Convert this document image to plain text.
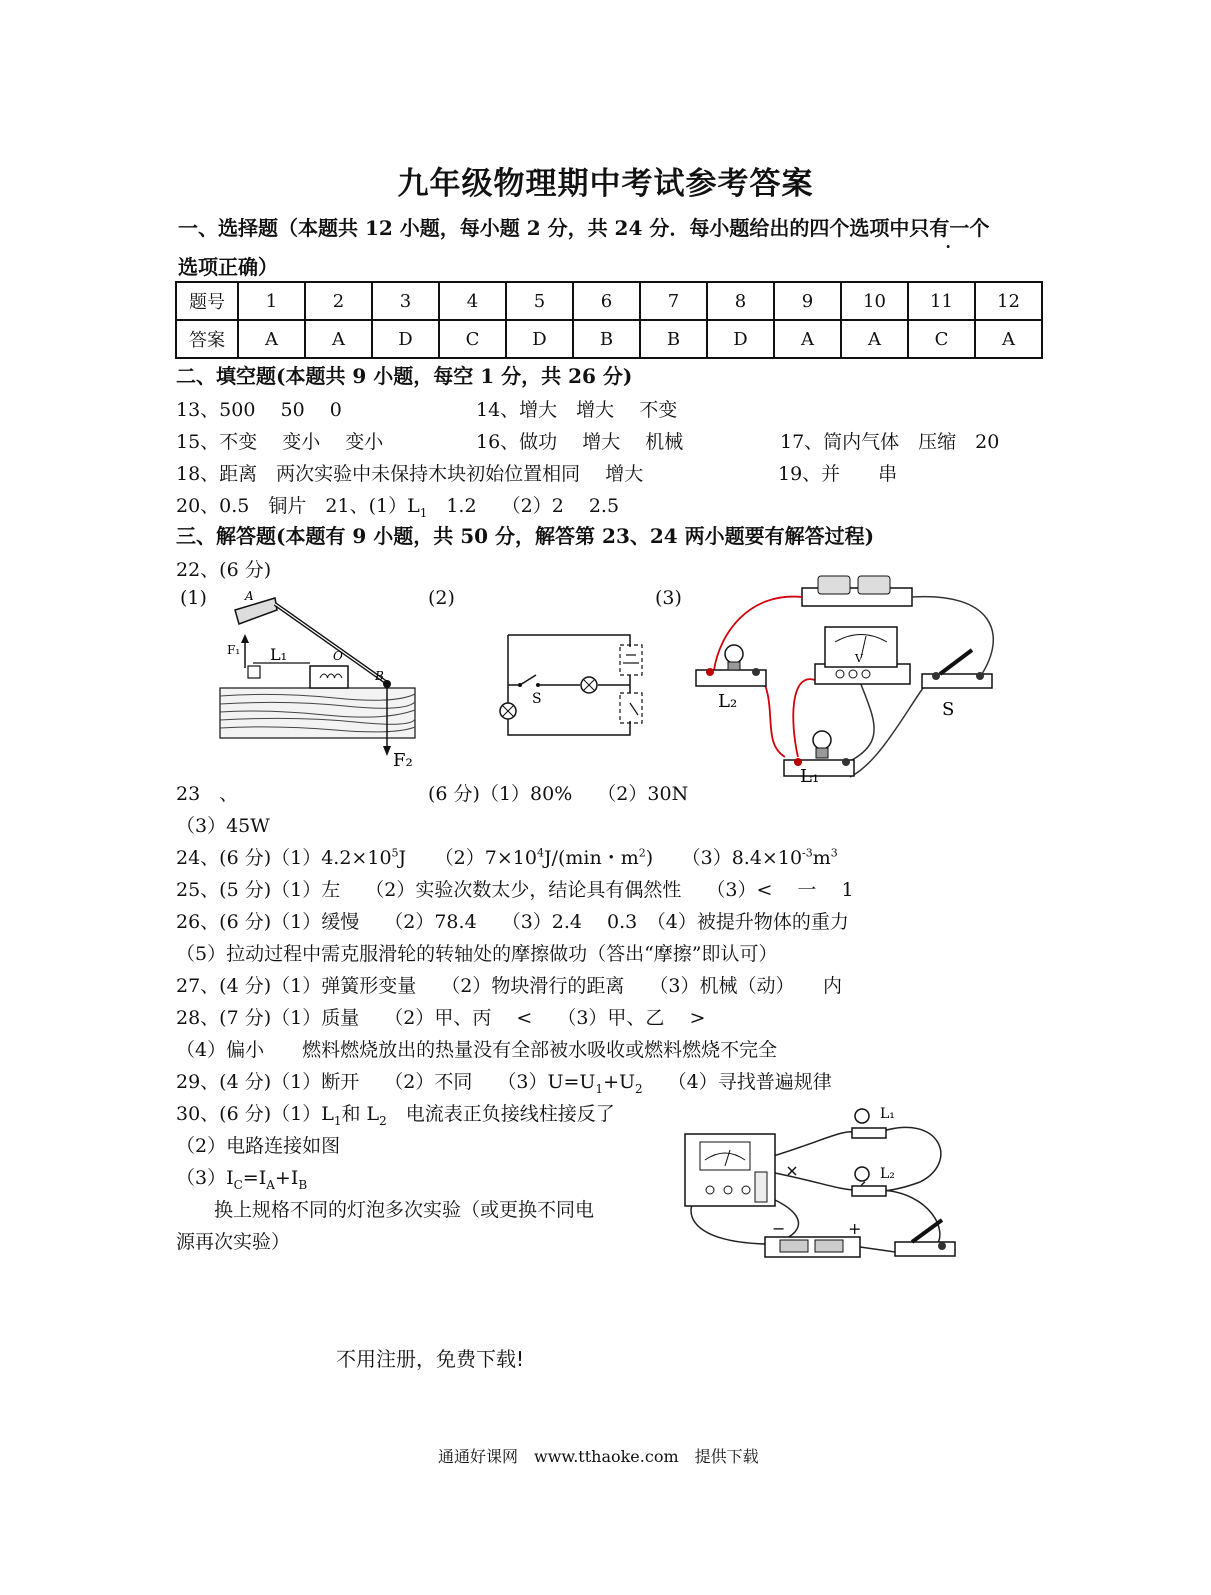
九年级物理期中考试参考答案
一、选择题（本题共 12 小题，每小题 2 分，共 24 分．每小题给出的四个选项中只有一个
选项正确）
题号	1	2	3	4	5	6	7	8	9	10	11	12
答案	A	A	D	C	D	B	B	D	A	A	C	A
二、填空题(本题共 9 小题，每空 1 分，共 26 分)
13、500　 50　 0	14、增大　增大　 不变
15、不变　 变小　 变小	16、做功　 增大　 机械	17、筒内气体　压缩　20
18、距离　两次实验中未保持木块初始位置相同　 增大	19、并　　串
20、0.5　铜片　21、$(1)L_1$　1.2　 （2）2　 2.5
三、解答题(本题有 9 小题，共 50 分，解答第 23、24 两小题要有解答过程)
22、(6 分)
(1)	(2)	(3)
A
O
B
F₁ L₁
F₂
S
V
L₂
L₁
S
23　、	(6 分)（1）80%　 （2）30N
（3）45W
24、(6 分)$(1)4.2\times 10^5J$　　$(2)7\times 10^4J/(\min$・$m^2$)　　$(3)8.4\times 10^{-3}m^3$
25、(5 分)（1）左　 （2）实验次数太少，结论具有偶然性　 （3）<　 一　 1
26、(6 分)（1）缓慢　 （2）78.4　 （3）2.4　 0.3　（4）被提升物体的重力
（5）拉动过程中需克服滑轮的转轴处的摩擦做功（答出“摩擦”即认可）
27、(4 分)（1）弹簧形变量　 （2）物块滑行的距离　 （3）机械（动）　　内
28、(7 分)（1）质量　 （2）甲、丙　 <　 （3）甲、乙　 >
（4）偏小　　燃料燃烧放出的热量没有全部被水吸收或燃料燃烧不完全
29、(4 分)（1）断开　 （2）不同　 $(3)U=U_1+U_2$　 （4）寻找普遍规律
30、(6 分)$(1)L_1$和 $L_2$　电流表正负接线柱接反了
（2）电路连接如图
$(3)I_C=I_A+I_B$
　　换上规格不同的灯泡多次实验（或更换不同电
源再次实验）
L₁
L₂
−	+
不用注册，免费下载!
通通好课网　www.tthaoke.com　提供下载
